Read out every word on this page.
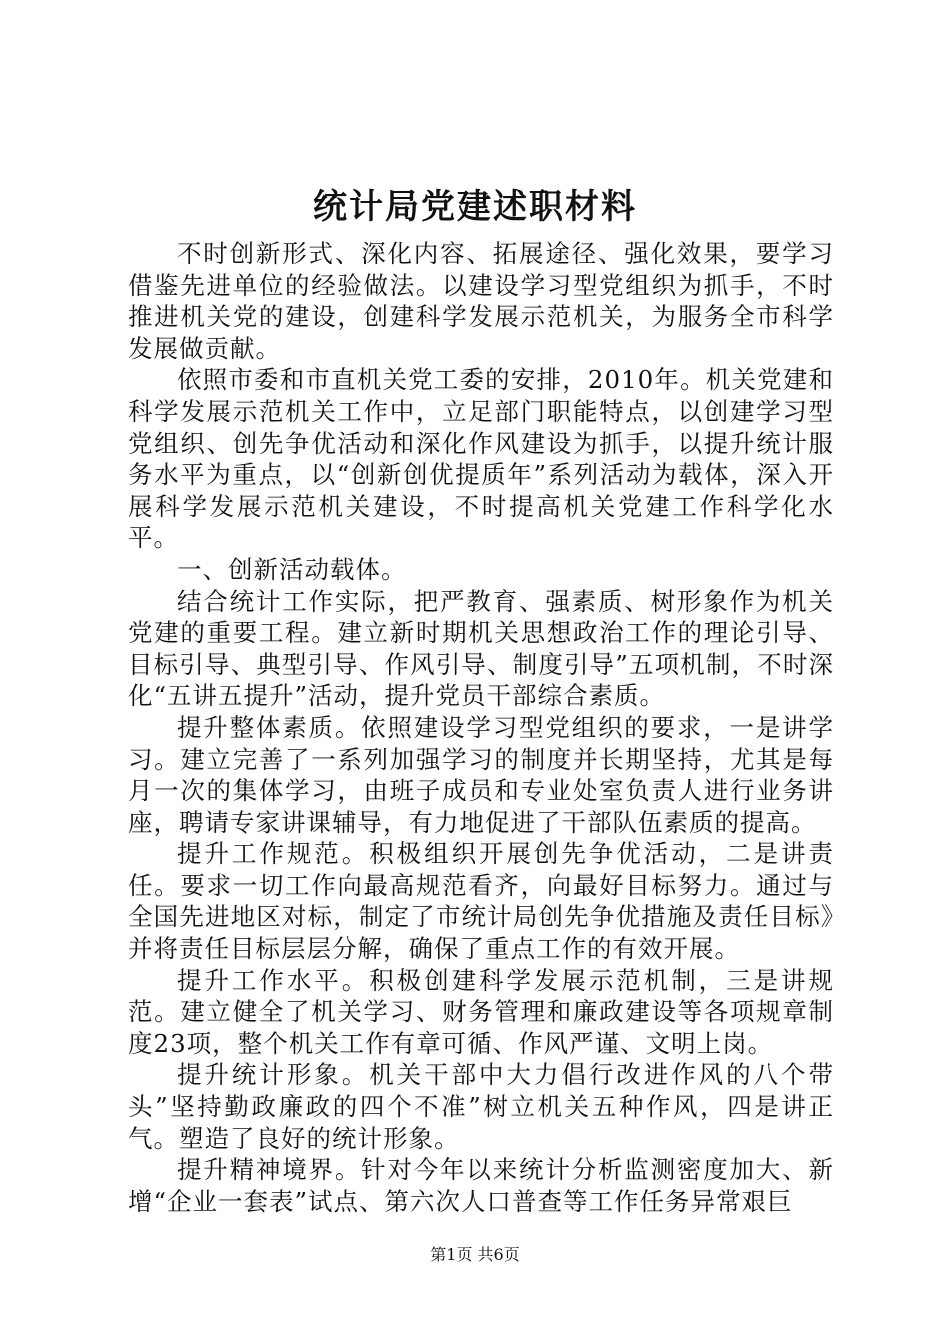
统计局党建述职材料

不时创新形式、深化内容、拓展途径、强化效果，要学习借鉴先进单位的经验做法。以建设学习型党组织为抓手，不时推进机关党的建设，创建科学发展示范机关，为服务全市科学发展做贡献。

依照市委和市直机关党工委的安排，2010年。机关党建和科学发展示范机关工作中，立足部门职能特点，以创建学习型党组织、创先争优活动和深化作风建设为抓手，以提升统计服务水平为重点，以“创新创优提质年”系列活动为载体，深入开展科学发展示范机关建设，不时提高机关党建工作科学化水平。

一、创新活动载体。

结合统计工作实际，把严教育、强素质、树形象作为机关党建的重要工程。建立新时期机关思想政治工作的理论引导、目标引导、典型引导、作风引导、制度引导”五项机制，不时深化“五讲五提升”活动，提升党员干部综合素质。

提升整体素质。依照建设学习型党组织的要求，一是讲学习。建立完善了一系列加强学习的制度并长期坚持，尤其是每月一次的集体学习，由班子成员和专业处室负责人进行业务讲座，聘请专家讲课辅导，有力地促进了干部队伍素质的提高。

提升工作规范。积极组织开展创先争优活动，二是讲责任。要求一切工作向最高规范看齐，向最好目标努力。通过与全国先进地区对标，制定了市统计局创先争优措施及责任目标》并将责任目标层层分解，确保了重点工作的有效开展。

提升工作水平。积极创建科学发展示范机制，三是讲规范。建立健全了机关学习、财务管理和廉政建设等各项规章制度23项，整个机关工作有章可循、作风严谨、文明上岗。

提升统计形象。机关干部中大力倡行改进作风的八个带头”坚持勤政廉政的四个不准”树立机关五种作风，四是讲正气。塑造了良好的统计形象。

提升精神境界。针对今年以来统计分析监测密度加大、新增“企业一套表”试点、第六次人口普查等工作任务异常艰巨

第1页 共6页
